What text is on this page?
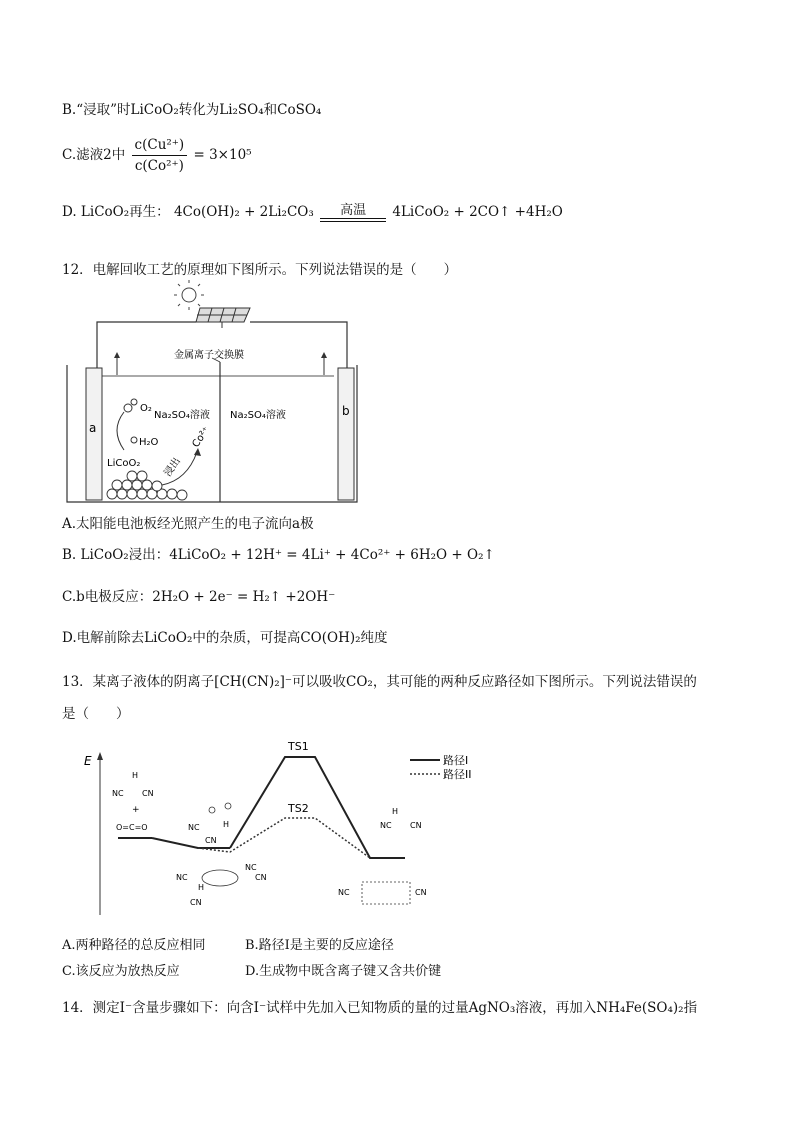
B.“浸取”时LiCoO₂转化为Li₂SO₄和CoSO₄
C.滤液2中 $\frac{\text{c(Cu²⁺)}}{\text{c(Co²⁺)}} = 3\times 10^5$
D. LiCoO₂再生： 4Co(OH)₂ + 2Li₂CO₃ 高温 4LiCoO₂ + 2CO↑ +4H₂O
12．电解回收工艺的原理如下图所示。下列说法错误的是（　　）
金属离子交换膜
a
b
O₂
H₂O
LiCoO₂
Na₂SO₄溶液 Na₂SO₄溶液
浸出
Co²⁺
A.太阳能电池板经光照产生的电子流向a极
B. LiCoO₂浸出：4LiCoO₂ + 12H⁺ = 4Li⁺ + 4Co²⁺ + 6H₂O + O₂↑
C.b电极反应：2H₂O + 2e⁻ = H₂↑ +2OH⁻
D.电解前除去LiCoO₂中的杂质，可提高CO(OH)₂纯度
13．某离子液体的阴离子[CH(CN)₂]⁻可以吸收CO₂，其可能的两种反应路径如下图所示。下列说法错误的
是（　　）
E
TS1
TS2
路径I
路径II
H
NC CN
+
O=C=O	NC	H
CN
NC
H
CN
NC
CN
NC CN
H
NC	CN
A.两种路径的总反应相同	B.路径Ⅰ是主要的反应途径
C.该反应为放热反应	D.生成物中既含离子键又含共价键
14．测定I⁻含量步骤如下：向含I⁻试样中先加入已知物质的量的过量AgNO₃溶液，再加入NH₄Fe(SO₄)₂指
